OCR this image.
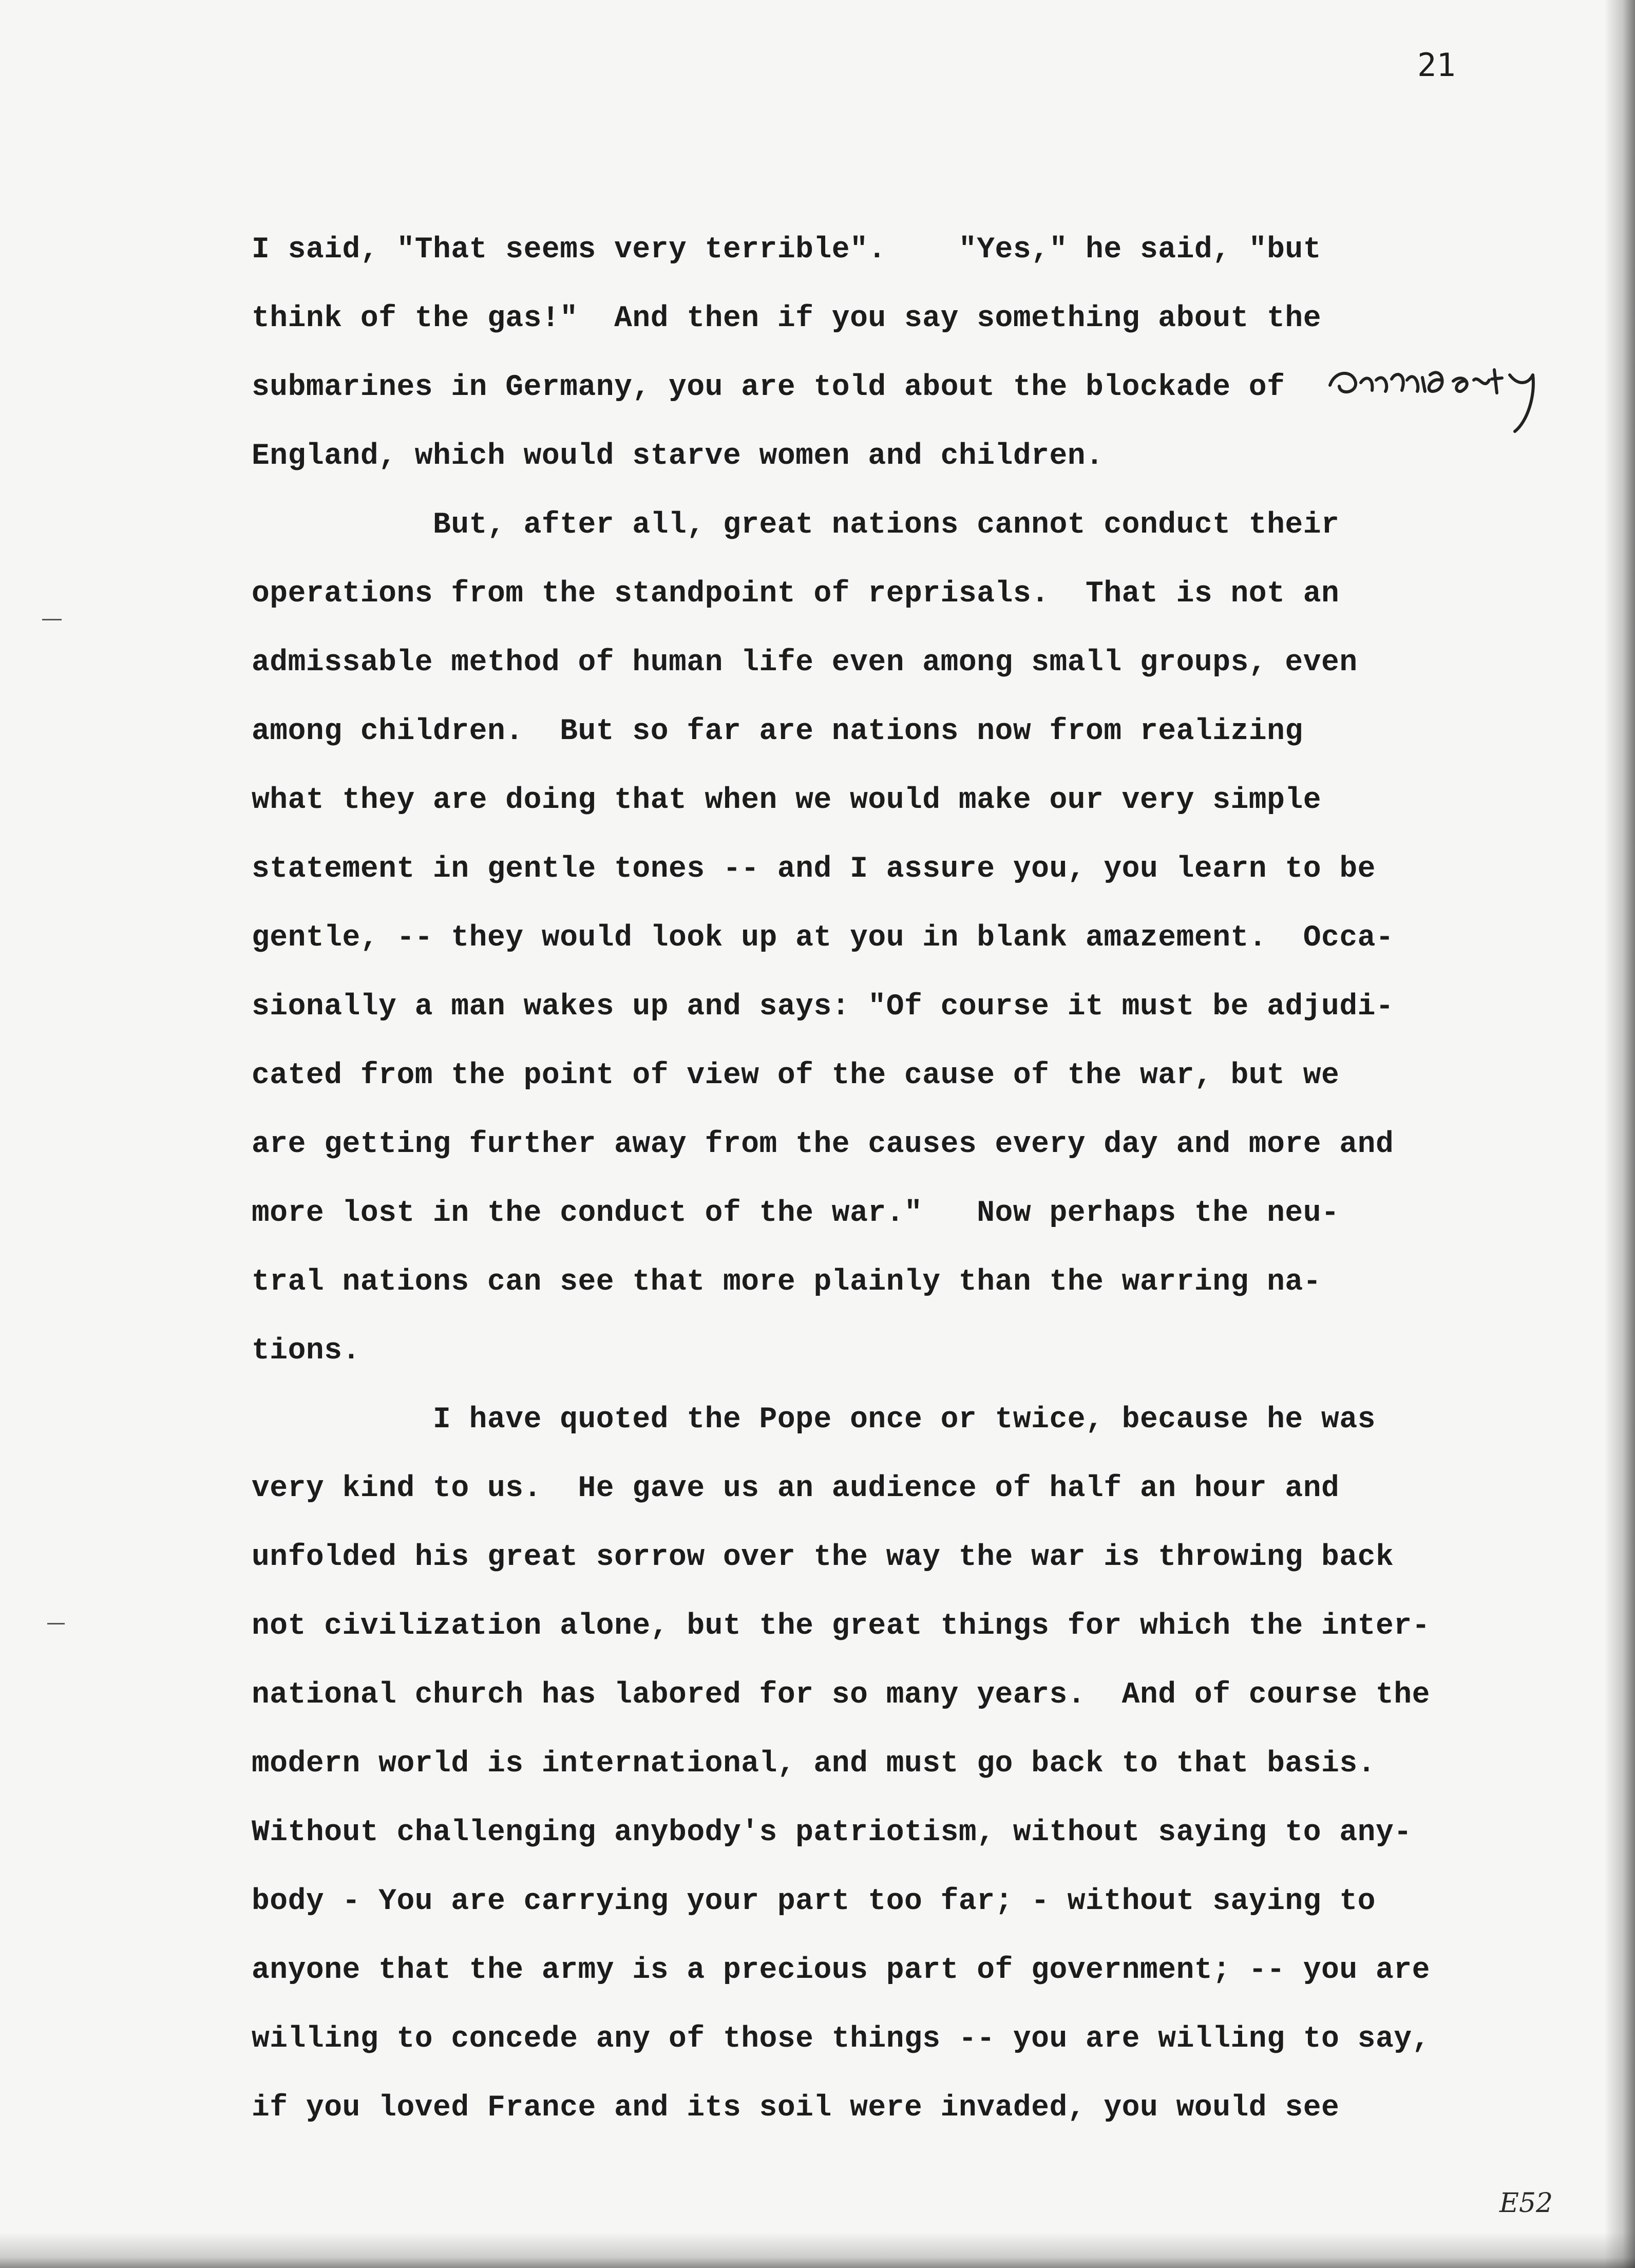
21

I said, "That seems very terrible".    "Yes," he said, "but
think of the gas!"  And then if you say something about the
submarines in Germany, you are told about the blockade of
England, which would starve women and children.
But, after all, great nations cannot conduct their
operations from the standpoint of reprisals.  That is not an
admissable method of human life even among small groups, even
among children.  But so far are nations now from realizing
what they are doing that when we would make our very simple
statement in gentle tones -- and I assure you, you learn to be
gentle, -- they would look up at you in blank amazement.  Occa-
sionally a man wakes up and says: "Of course it must be adjudi-
cated from the point of view of the cause of the war, but we
are getting further away from the causes every day and more and
more lost in the conduct of the war."   Now perhaps the neu-
tral nations can see that more plainly than the warring na-
tions.
I have quoted the Pope once or twice, because he was
very kind to us.  He gave us an audience of half an hour and
unfolded his great sorrow over the way the war is throwing back
not civilization alone, but the great things for which the inter-
national church has labored for so many years.  And of course the
modern world is international, and must go back to that basis.
Without challenging anybody's patriotism, without saying to any-
body - You are carrying your part too far; - without saying to
anyone that the army is a precious part of government; -- you are
willing to concede any of those things -- you are willing to say,
if you loved France and its soil were invaded, you would see
E52
